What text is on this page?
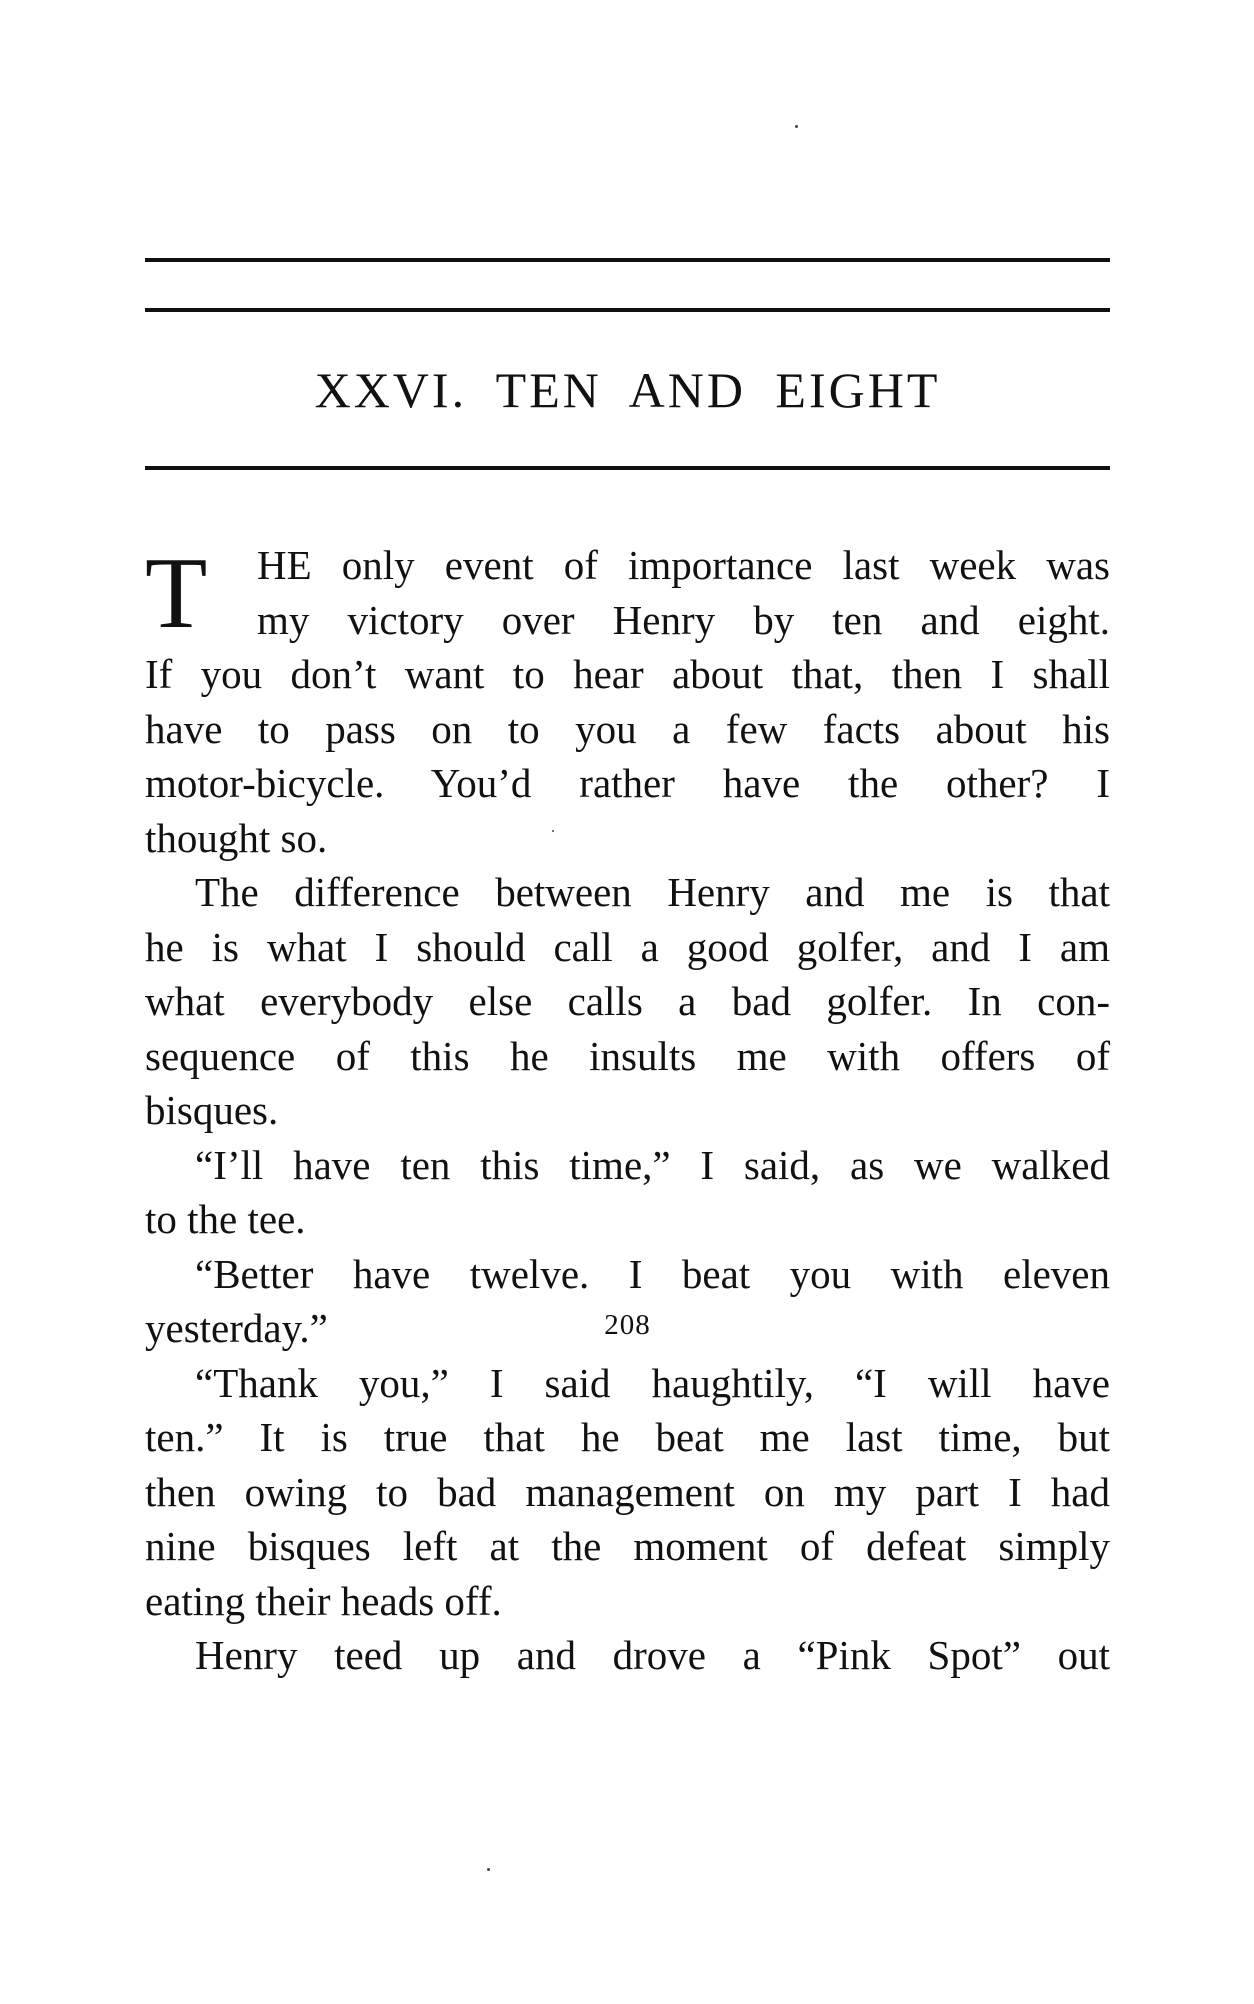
XXVI. TEN AND EIGHT
T	HE only event of importance last week was
my victory over Henry by ten and eight.
If you don’t want to hear about that, then I shall
have to pass on to you a few facts about his
motor-bicycle. You’d rather have the other? I
thought so.
The difference between Henry and me is that
he is what I should call a good golfer, and I am
what everybody else calls a bad golfer. In con-
sequence of this he insults me with offers of
bisques.
“I’ll have ten this time,” I said, as we walked
to the tee.
“Better have twelve. I beat you with eleven
yesterday.”
“Thank you,” I said haughtily, “I will have
ten.” It is true that he beat me last time, but
then owing to bad management on my part I had
nine bisques left at the moment of defeat simply
eating their heads off.
Henry teed up and drove a “Pink Spot” out
208
